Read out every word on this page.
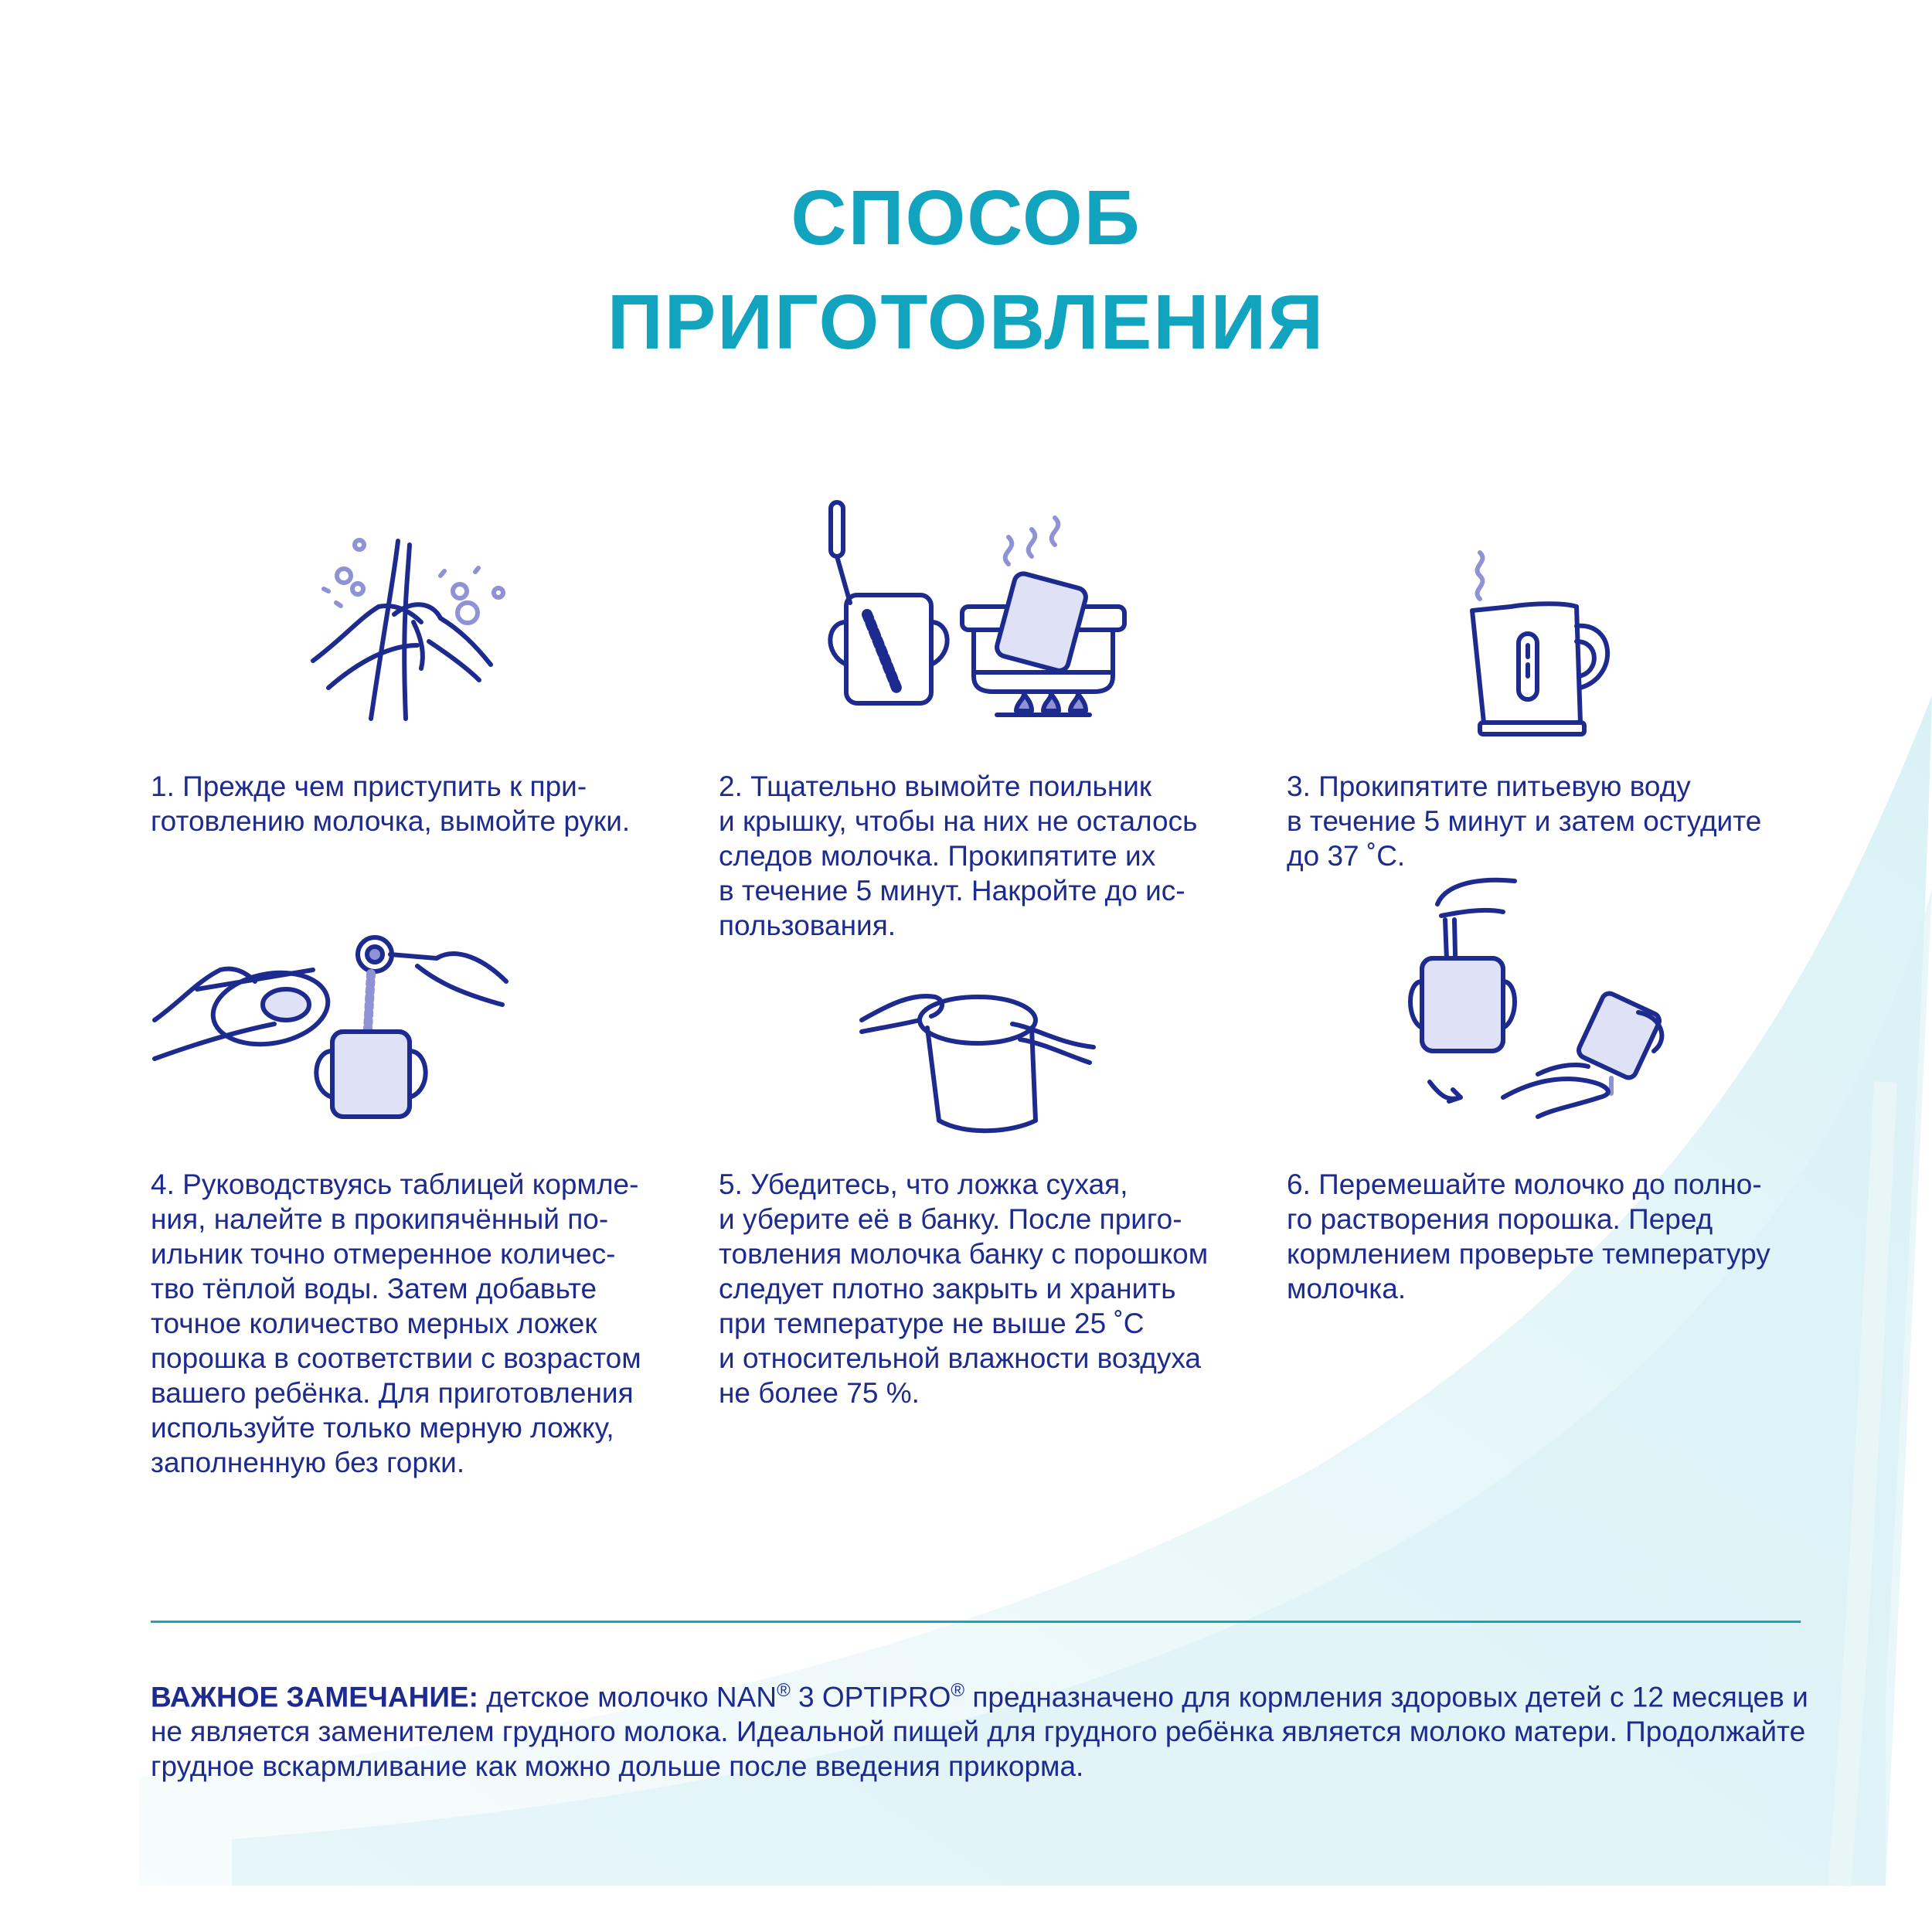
СПОСОБ
ПРИГОТОВЛЕНИЯ

1. Прежде чем приступить к при-
готовлению молочка, вымойте руки.

2. Тщательно вымойте поильник
и крышку, чтобы на них не осталось
следов молочка. Прокипятите их
в течение 5 минут. Накройте до ис-
пользования.

3. Прокипятите питьевую воду
в течение 5 минут и затем остудите
до 37 ˚С.

4. Руководствуясь таблицей кормле-
ния, налейте в прокипячённый по-
ильник точно отмеренное количес-
тво тёплой воды. Затем добавьте
точное количество мерных ложек
порошка в соответствии с возрастом
вашего ребёнка. Для приготовления
используйте только мерную ложку,
заполненную без горки.

5. Убедитесь, что ложка сухая,
и уберите её в банку. После приго-
товления молочка банку с порошком
следует плотно закрыть и хранить
при температуре не выше 25 ˚С
и относительной влажности воздуха
не более 75 %.

6. Перемешайте молочко до полно-
го растворения порошка. Перед
кормлением проверьте температуру
молочка.

ВАЖНОЕ ЗАМЕЧАНИЕ: детское молочко NAN® 3 OPTIPRO® предназначено для кормления здоровых детей с 12 месяцев и не является заменителем грудного молока. Идеальной пищей для грудного ребёнка является молоко матери. Продолжайте грудное вскармливание как можно дольше после введения прикорма.
